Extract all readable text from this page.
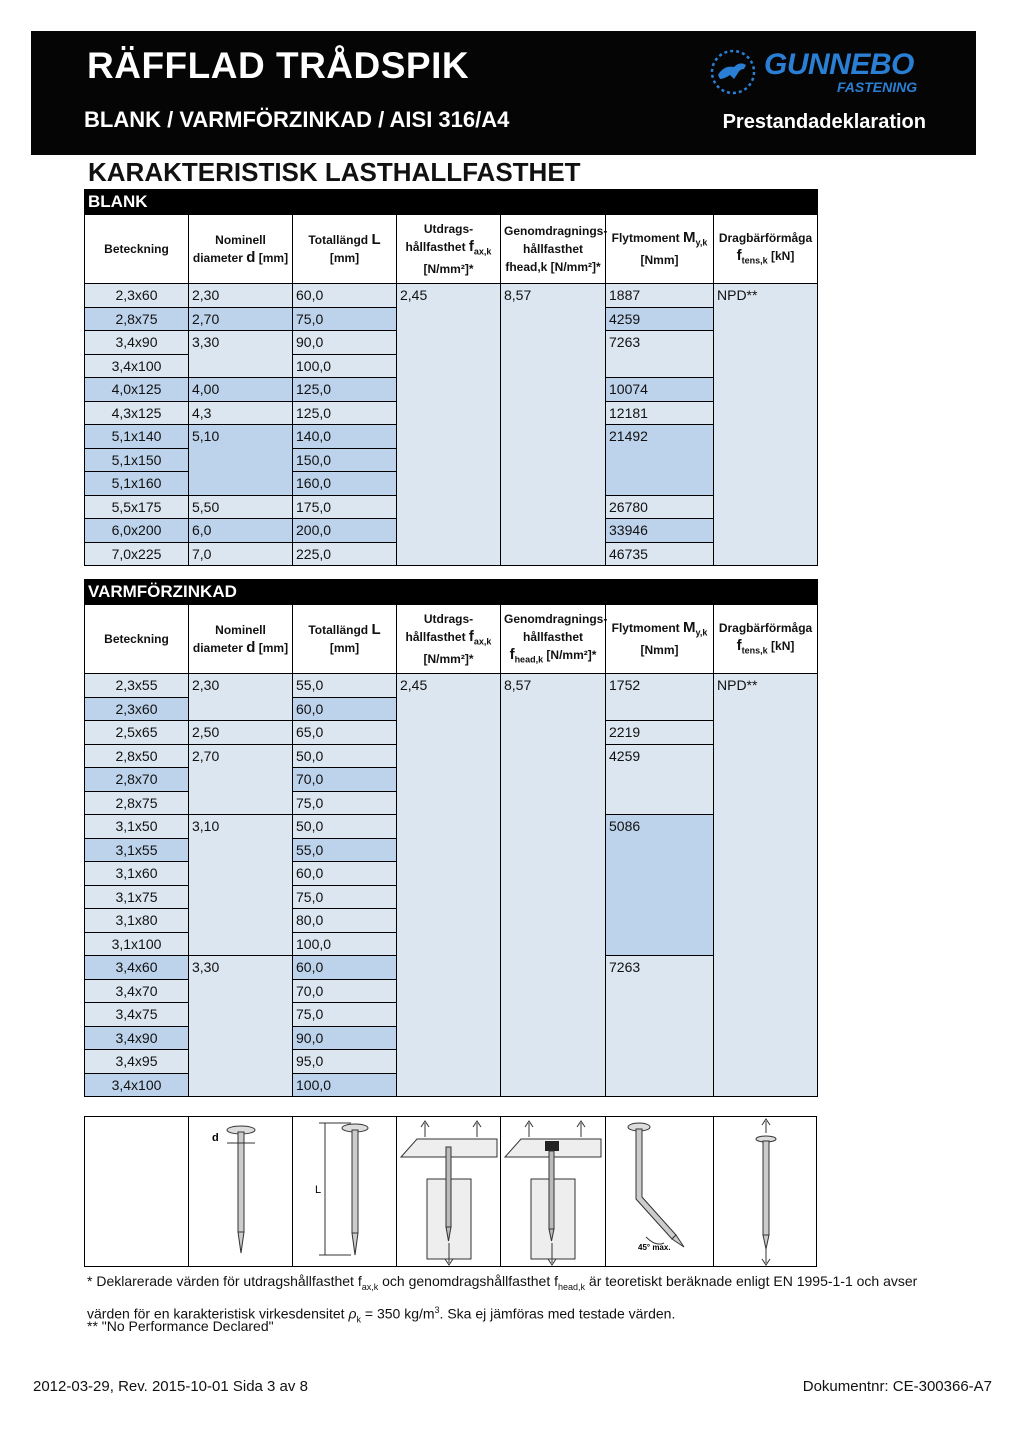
RÄFFLAD TRÅDSPIK
BLANK / VARMFÖRZINKAD / AISI 316/A4
GUNNEBO
FASTENING
Prestandadeklaration
KARAKTERISTISK LASTHALLFASTHET
BLANK						
Beteckning	Nominell
diameter d [mm]	Totallängd L
[mm]	Utdrags-
hållfasthet $f_{ax,k}$
[N/mm²]*	Genomdragnings-
hållfasthet
fhead,k [N/mm²]*	Flytmoment $M_{y,k}$
[Nmm]	Dragbärförmåga
$f_{tens,k}$ [kN]
2,3x60	2,30	60,0	2,45	8,57	1887	NPD**
2,8x75	2,70	75,0			4259	
3,4x90	3,30	90,0			7263	
3,4x100		100,0				
4,0x125	4,00	125,0			10074	
4,3x125	4,3	125,0			12181	
5,1x140	5,10	140,0			21492	
5,1x150		150,0				
5,1x160		160,0				
5,5x175	5,50	175,0			26780	
6,0x200	6,0	200,0			33946	
7,0x225	7,0	225,0			46735	
VARMFÖRZINKAD						
Beteckning	Nominell
diameter d [mm]	Totallängd L
[mm]	Utdrags-
hållfasthet $f_{ax,k}$
[N/mm²]*	Genomdragnings-
hållfasthet
$f_{head,k}$ [N/mm²]*	Flytmoment $M_{y,k}$
[Nmm]	Dragbärförmåga
$f_{tens,k}$ [kN]
2,3x55	2,30	55,0	2,45	8,57	1752	NPD**
2,3x60		60,0				
2,5x65	2,50	65,0			2219	
2,8x50	2,70	50,0			4259	
2,8x70		70,0				
2,8x75		75,0				
3,1x50	3,10	50,0			5086	
3,1x55		55,0				
3,1x60		60,0				
3,1x75		75,0				
3,1x80		80,0				
3,1x100		100,0				
3,4x60	3,30	60,0			7263	
3,4x70		70,0				
3,4x75		75,0				
3,4x90		90,0				
3,4x95		95,0				
3,4x100		100,0				
d
L
45° max.
* Deklarerade värden för utdragshållfasthet $f_{ax,k}$ och genomdragshållfasthet $f_{head,k}$ är teoretiskt beräknade enligt EN 1995-1-1 och avser
värden för en karakteristisk virkesdensitet $\rho_k = 350$ $kg/m^3$. Ska ej jämföras med testade värden.
** "No Performance Declared"
2012-03-29, Rev. 2015-10-01 Sida 3 av 8	Dokumentnr: CE-300366-A7
